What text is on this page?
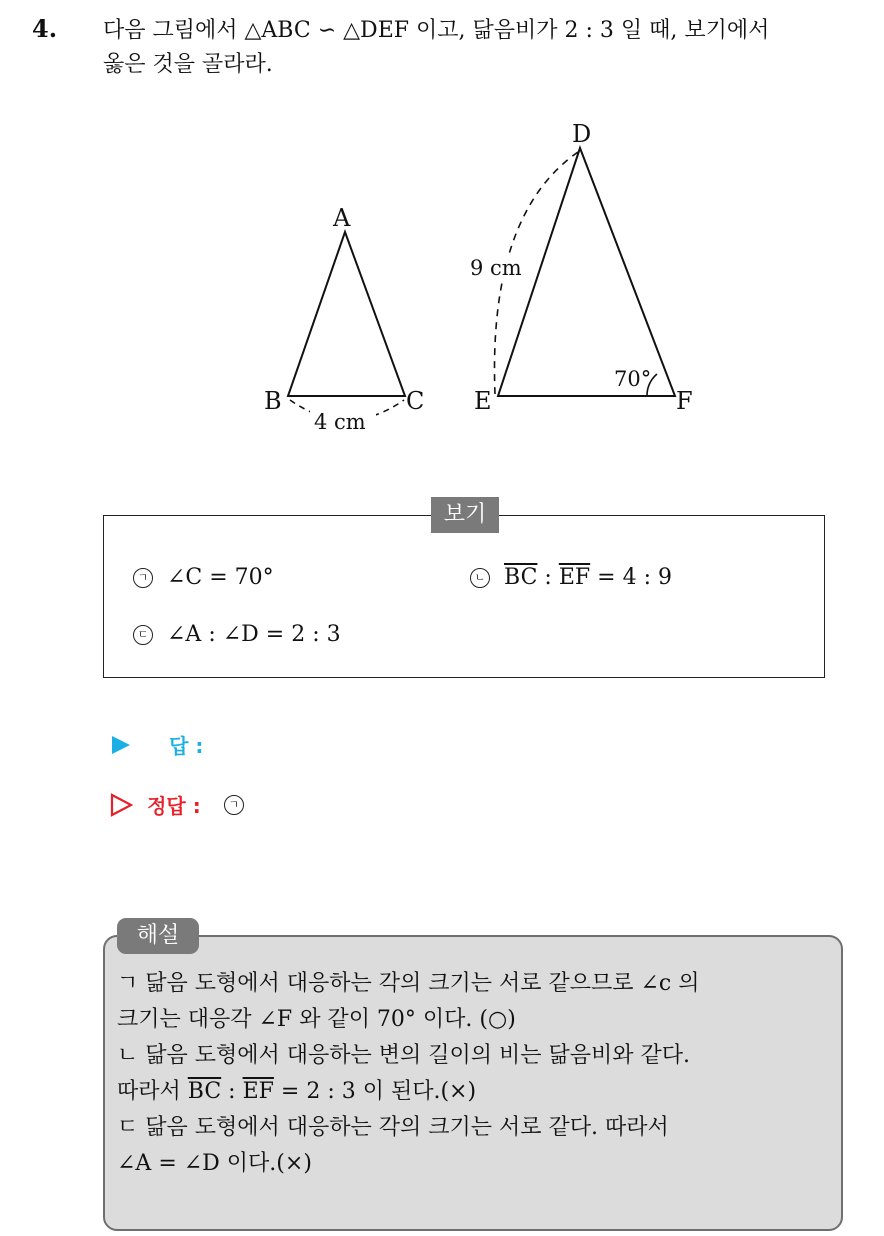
4. 다음 그림에서 △ABC ∽ △DEF 이고, 닮음비가 2 : 3 일 때, 보기에서
옳은 것을 골라라.
A
B	C
D
E	F
4 cm
9 cm
70°
보기
ㄱ ∠C = 70°	ㄴ $\overline{BC}$ : $\overline{EF} = 4$ : 9
ㄷ ∠A : ∠D = 2 : 3
답 :
정답 :	ㄱ
해설
ㄱ 닮음 도형에서 대응하는 각의 크기는 서로 같으므로 ∠c 의
크기는 대응각 ∠F 와 같이 70° 이다. (○)
ㄴ 닮음 도형에서 대응하는 변의 길이의 비는 닮음비와 같다.
따라서 $\overline{BC}$ : $\overline{EF} = 2$ : 3 이 된다.(×)
ㄷ 닮음 도형에서 대응하는 각의 크기는 서로 같다. 따라서
∠A = ∠D 이다.(×)
